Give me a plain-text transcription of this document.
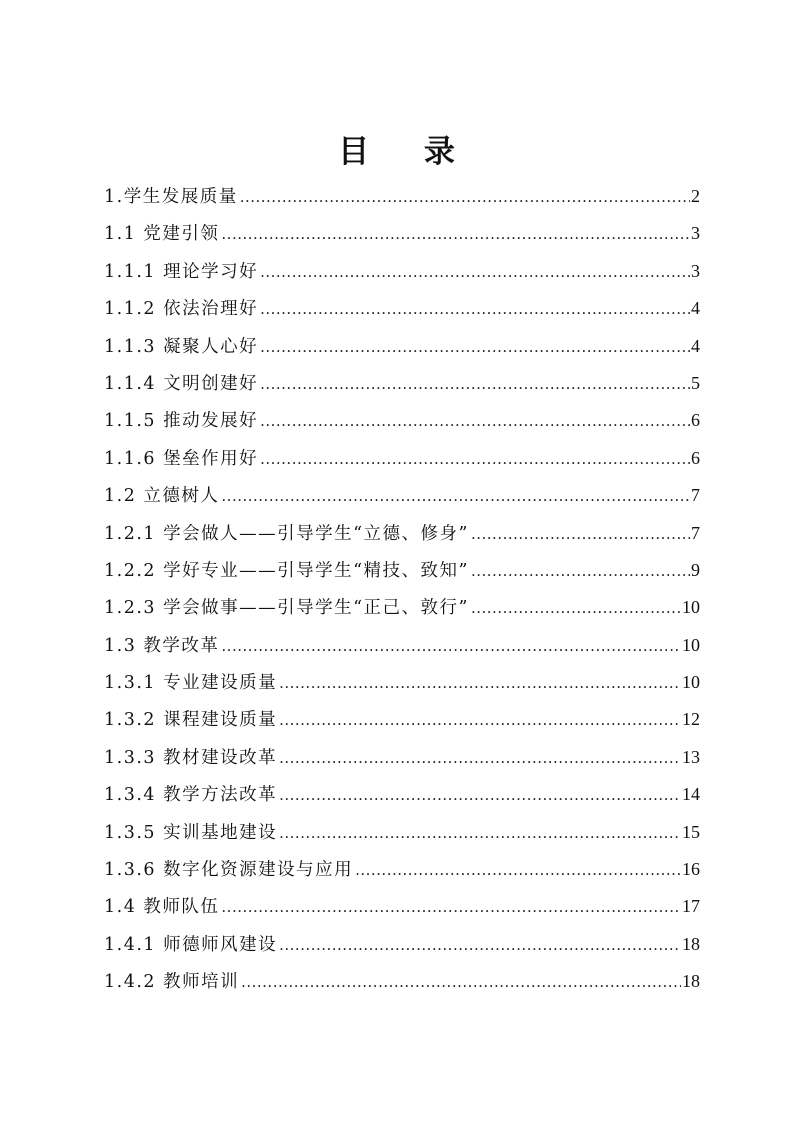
目 录
1.学生发展质量 .....	2
1.1 党建引领 .....	3
1.1.1 理论学习好 .....	3
1.1.2 依法治理好 .....	4
1.1.3 凝聚人心好 .....	4
1.1.4 文明创建好 .....	5
1.1.5 推动发展好 .....	6
1.1.6 堡垒作用好 .....	6
1.2 立德树人 .....	7
1.2.1 学会做人——引导学生“立德、修身” .....	7
1.2.2 学好专业——引导学生“精技、致知” .....	9
1.2.3 学会做事——引导学生“正己、敦行” .....	10
1.3 教学改革 .....	10
1.3.1 专业建设质量 .....	10
1.3.2 课程建设质量 .....	12
1.3.3 教材建设改革 .....	13
1.3.4 教学方法改革 .....	14
1.3.5 实训基地建设 .....	15
1.3.6 数字化资源建设与应用 .....	16
1.4 教师队伍 .....	17
1.4.1 师德师风建设 .....	18
1.4.2 教师培训 .....	18
